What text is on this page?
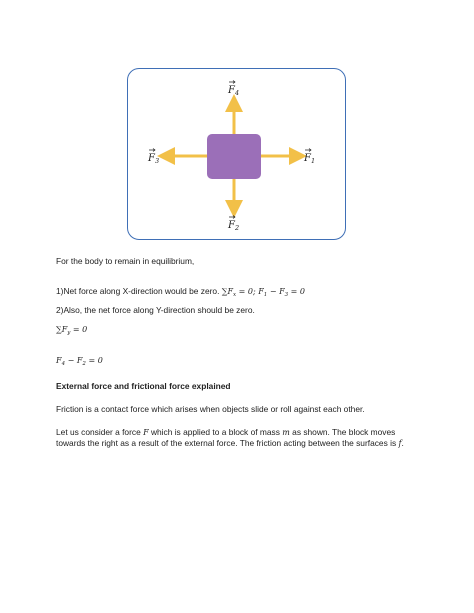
$F_4$
$F_2$
$F_3$	$F_1$
For the body to remain in equilibrium,
1)Net force along X-direction would be zero. $\sum F_x = 0$; $F_1 - F_3 = 0$
2)Also, the net force along Y-direction should be zero.
$\sum F_y = 0$
$F_4 - F_2 = 0$
External force and frictional force explained
Friction is a contact force which arises when objects slide or roll against each other.
Let us consider a force F which is applied to a block of mass m as shown. The block moves
towards the right as a result of the external force. The friction acting between the surfaces is f.
